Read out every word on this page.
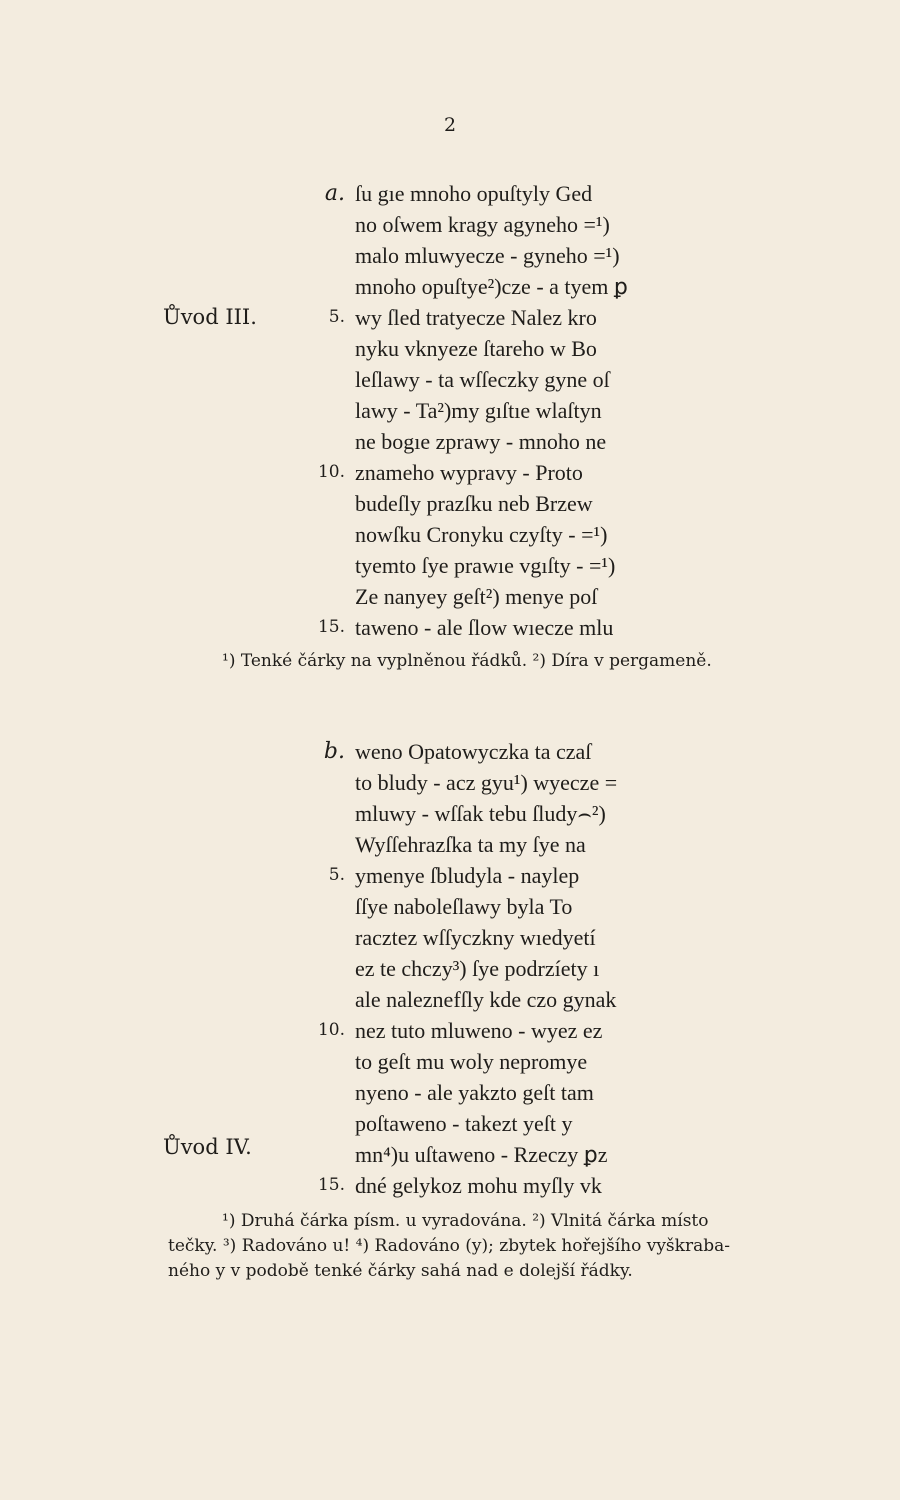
2
a.
Ůvod III.	5.
10.
15.
ſu gıe mnoho opuſtyly Ged
no oſwem kragy agyneho =¹)
malo mluwyecze - gyneho =¹)
mnoho opuſtye²)cze - a tyem ꝑ
wy ſled tratyecze Nalez kro
nyku vknyeze ſtareho w Bo
leſlawy - ta wſſeczky gyne oſ
lawy - Ta²)my gıſtıe wlaſtyn
ne bogıe zprawy - mnoho ne
znameho wypravy - Proto
budeſly prazſku neb Brzew
nowſku Cronyku czyſty - =¹)
tyemto ſye prawıe vgıſty - =¹)
Ze nanyey geſt²) menye poſ
taweno - ale ſlow wıecze mlu
¹) Tenké čárky na vyplněnou řádků. ²) Díra v pergameně.
b.
5.
10.
Ůvod IV.
15.
weno Opatowyczka ta czaſ
to bludy - acz gyu¹) wyecze =
mluwy - wſſak tebu ſludy⌢²)
Wyſſehrazſka ta my ſye na
ymenye ſbludyla - naylep
ſſye naboleſlawy byla To
racztez wſſyczkny wıedyetí
ez te chczy³) ſye podrzíety ı
ale naleznefſly kde czo gynak
nez tuto mluweno - wyez ez
to geſt mu woly nepromye
nyeno - ale yakzto geſt tam
poſtaweno - takezt yeſt y
mn⁴)u uſtaweno - Rzeczy ꝑz
dné gelykoz mohu myſly vk
¹) Druhá čárka písm. u vyradována. ²) Vlnitá čárka místo
tečky. ³) Radováno u! ⁴) Radováno (y); zbytek hořejšího vyškraba-
ného y v podobě tenké čárky sahá nad e dolejší řádky.
